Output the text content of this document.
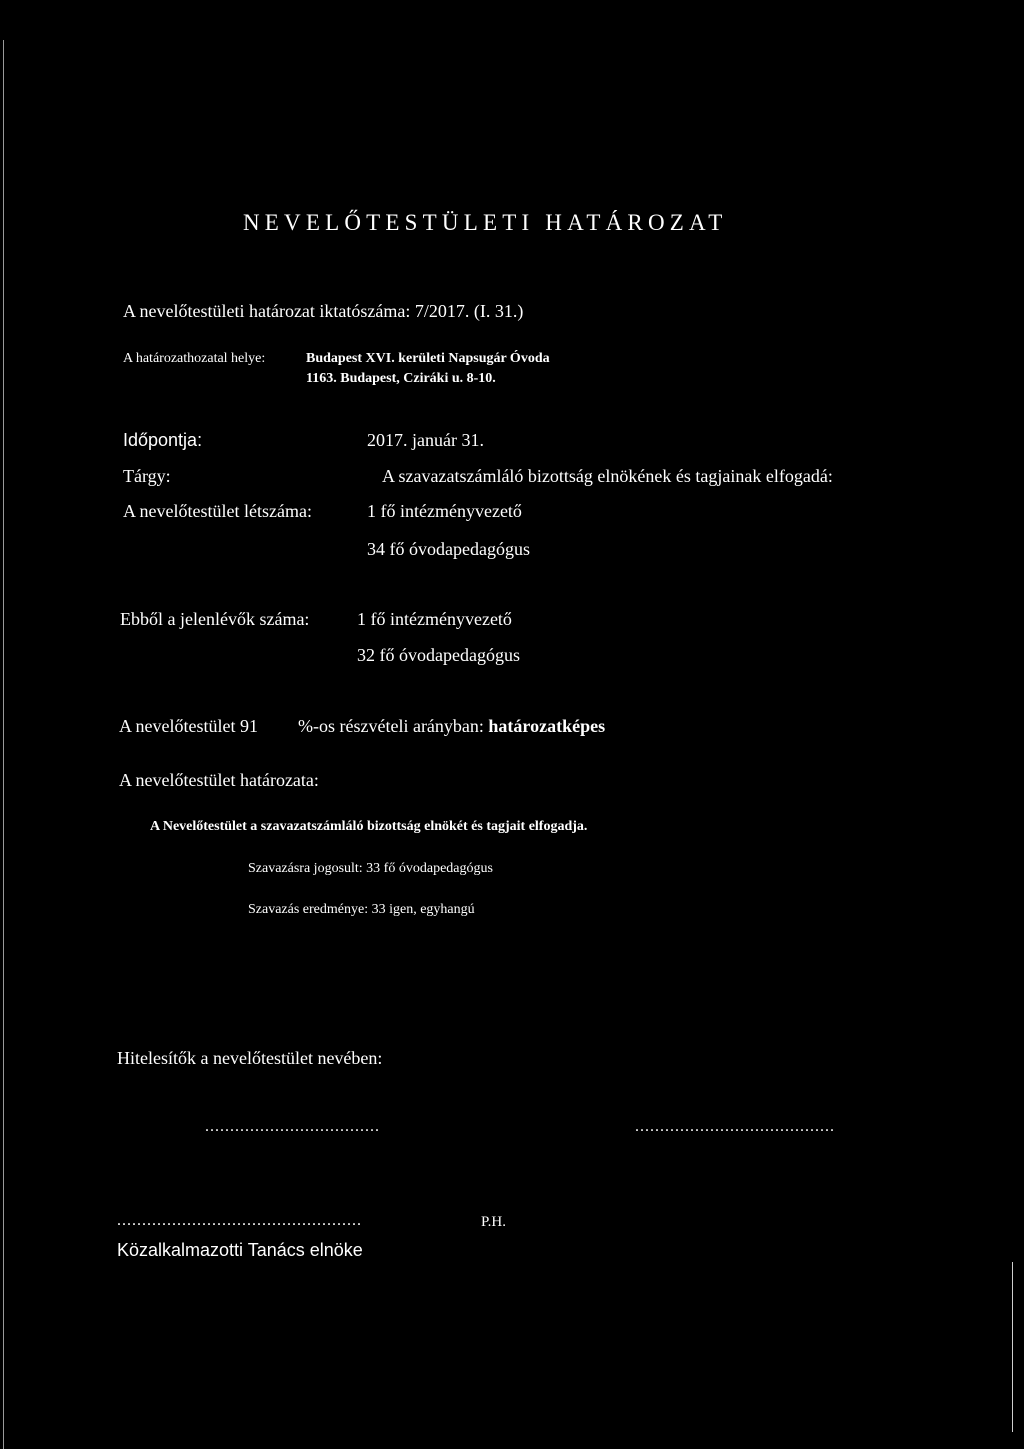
NEVELŐTESTÜLETI HATÁROZAT
A nevelőtestületi határozat iktatószáma: 7/2017. (I. 31.)
A határozathozatal helye:	Budapest XVI. kerületi Napsugár Óvoda
1163. Budapest, Cziráki u. 8-10.
Időpontja:	2017. január 31.
Tárgy:	A szavazatszámláló bizottság elnökének és tagjainak elfogadá:
A nevelőtestület létszáma:	1 fő intézményvezető
34 fő óvodapedagógus
Ebből a jelenlévők száma:	1 fő intézményvezető
32 fő óvodapedagógus
A nevelőtestület 91 %-os részvételi arányban: határozatképes
A nevelőtestület határozata:
A Nevelőtestület a szavazatszámláló bizottság elnökét és tagjait elfogadja.
Szavazásra jogosult: 33 fő óvodapedagógus
Szavazás eredménye: 33 igen, egyhangú
Hitelesítők a nevelőtestület nevében:
...................................	........................................
.................................................
Közalkalmazotti Tanács elnöke
P.H.
